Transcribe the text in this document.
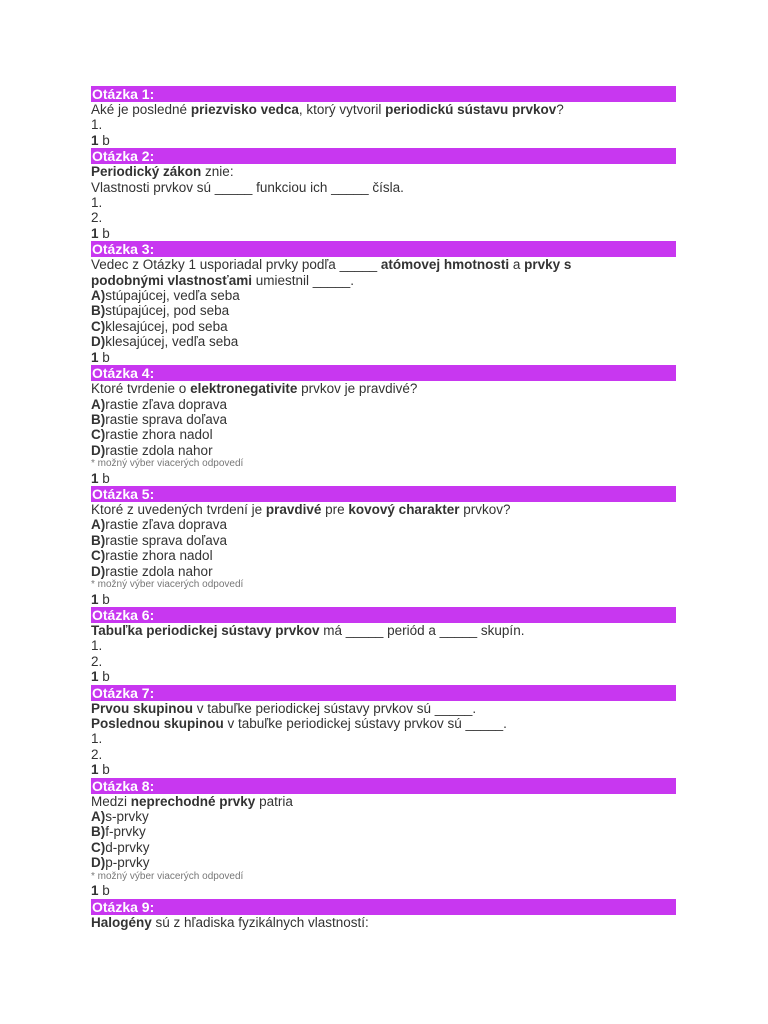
Otázka 1:
Aké je posledné priezvisko vedca, ktorý vytvoril periodickú sústavu prvkov?
1.
1 b
Otázka 2:
Periodický zákon znie:
Vlastnosti prvkov sú _____ funkciou ich _____ čísla.
1.
2.
1 b
Otázka 3:
Vedec z Otázky 1 usporiadal prvky podľa _____ atómovej hmotnosti a prvky s
podobnými vlastnosťami umiestnil _____.
A)stúpajúcej, vedľa seba
B)stúpajúcej, pod seba
C)klesajúcej, pod seba
D)klesajúcej, vedľa seba
1 b
Otázka 4:
Ktoré tvrdenie o elektronegativite prvkov je pravdivé?
A)rastie zľava doprava
B)rastie sprava doľava
C)rastie zhora nadol
D)rastie zdola nahor
* možný výber viacerých odpovedí
1 b
Otázka 5:
Ktoré z uvedených tvrdení je pravdivé pre kovový charakter prvkov?
A)rastie zľava doprava
B)rastie sprava doľava
C)rastie zhora nadol
D)rastie zdola nahor
* možný výber viacerých odpovedí
1 b
Otázka 6:
Tabuľka periodickej sústavy prvkov má _____ periód a _____ skupín.
1.
2.
1 b
Otázka 7:
Prvou skupinou v tabuľke periodickej sústavy prvkov sú _____.
Poslednou skupinou v tabuľke periodickej sústavy prvkov sú _____.
1.
2.
1 b
Otázka 8:
Medzi neprechodné prvky patria
A)s-prvky
B)f-prvky
C)d-prvky
D)p-prvky
* možný výber viacerých odpovedí
1 b
Otázka 9:
Halogény sú z hľadiska fyzikálnych vlastností:
